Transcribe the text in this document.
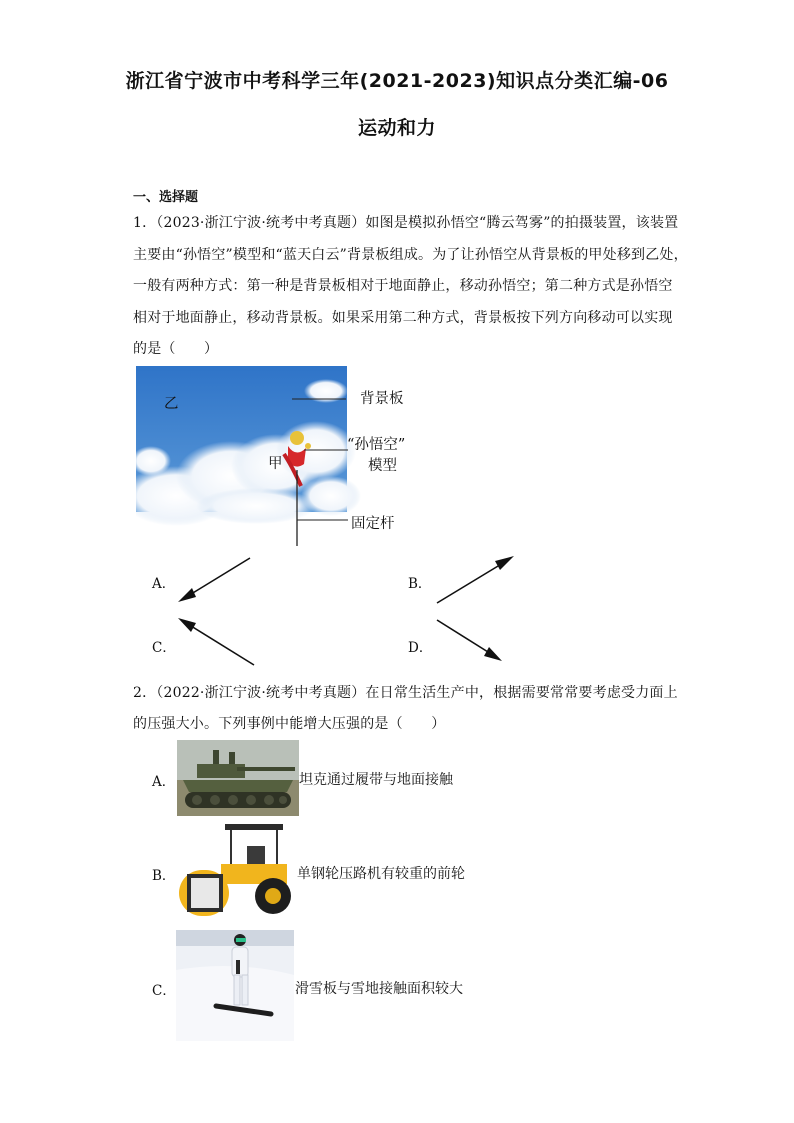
浙江省宁波市中考科学三年(2021-2023)知识点分类汇编-06
运动和力
一、选择题
1．（2023·浙江宁波·统考中考真题）如图是模拟孙悟空“腾云驾雾”的拍摄装置，该装置
主要由“孙悟空”模型和“蓝天白云”背景板组成。为了让孙悟空从背景板的甲处移到乙处，
一般有两种方式：第一种是背景板相对于地面静止，移动孙悟空；第二种方式是孙悟空
相对于地面静止，移动背景板。如果采用第二种方式，背景板按下列方向移动可以实现
的是（　　）
乙
甲
背景板
“孙悟空”
模型
固定杆
A．	B．
C．	D．
2．（2022·浙江宁波·统考中考真题）在日常生活生产中，根据需要常常要考虑受力面上
的压强大小。下列事例中能增大压强的是（　　）
A．	坦克通过履带与地面接触
B．	单钢轮压路机有较重的前轮
C．	滑雪板与雪地接触面积较大
